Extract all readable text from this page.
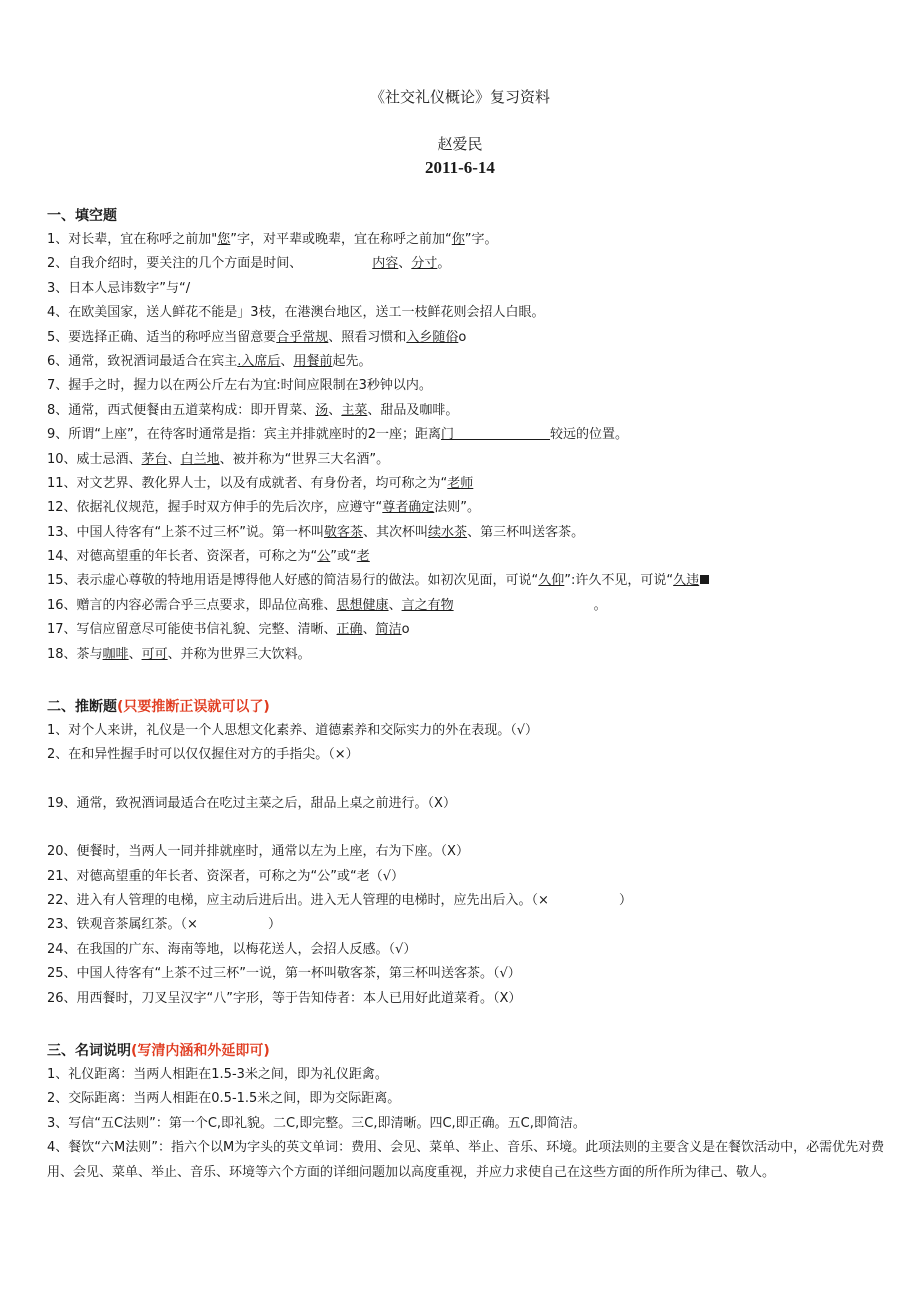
《社交礼仪概论》复习资料
赵爱民
2011-6-14
一、填空题
1、对长辈，宜在称呼之前加"您”字，对平辈或晚辈，宜在称呼之前加“你”字。
2、自我介绍时，要关注的几个方面是时间、	内容、分寸。
3、日本人忌讳数字”与“/
4、在欧美国家，送人鲜花不能是」3枝，在港澳台地区，送工一枝鲜花则会招人白眼。
5、要选择正确、适当的称呼应当留意要合乎常规、照看习惯和入乡随俗o
6、通常，致祝酒词最适合在宾主.入席后、用餐前起先。
7、握手之时，握力以在两公斤左右为宜:时间应限制在3秒钟以内。
8、通常，西式便餐由五道菜构成：即开胃菜、汤、主菜、甜品及咖啡。
9、所谓“上座”，在待客时通常是指：宾主并排就座时的2一座；距离门	较远的位置。
10、威士忌酒、茅台、白兰地、被并称为“世界三大名酒”。
11、对文艺界、教化界人士，以及有成就者、有身份者，均可称之为“老师
12、依据礼仪规范，握手时双方伸手的先后次序，应遵守“尊者确定法则”。
13、中国人待客有“上茶不过三杯”说。第一杯叫敬客茶、其次杯叫续水茶、第三杯叫送客茶。
14、对德高望重的年长者、资深者，可称之为“公”或“老
15、表示虚心尊敬的特地用语是博得他人好感的简洁易行的做法。如初次见面，可说“久仰”:许久不见，可说“久违
16、赠言的内容必需合乎三点要求，即品位高雅、思想健康、言之有物	。
17、写信应留意尽可能使书信礼貌、完整、清晰、正确、简洁o
18、茶与咖啡、可可、并称为世界三大饮料。
二、推断题(只要推断正误就可以了)
1、对个人来讲，礼仪是一个人思想文化素养、道德素养和交际实力的外在表现。（√）
2、在和异性握手时可以仅仅握住对方的手指尖。（×）
19、通常，致祝酒词最适合在吃过主菜之后，甜品上桌之前进行。（X）
20、便餐时，当两人一同并排就座时，通常以左为上座，右为下座。（X）
21、对德高望重的年长者、资深者，可称之为“公”或“老（√）
22、进入有人管理的电梯，应主动后进后出。进入无人管理的电梯时，应先出后入。（×	）
23、铁观音茶属红茶。（×	）
24、在我国的广东、海南等地，以梅花送人，会招人反感。（√）
25、中国人待客有“上茶不过三杯”一说，第一杯叫敬客茶，第三杯叫送客茶。（√）
26、用西餐时，刀叉呈汉字“八”字形，等于告知侍者：本人已用好此道菜肴。（X）
三、名词说明(写清内涵和外延即可)
1、礼仪距离：当两人相距在1.5-3米之间，即为礼仪距禽。
2、交际距离：当两人相距在0.5-1.5米之间，即为交际距离。
3、写信“五C法则”：第一个C,即礼貌。二C,即完整。三C,即清晰。四C,即正确。五C,即简洁。
4、餐饮“六M法则”：指六个以M为字头的英文单词：费用、会见、菜单、举止、音乐、环境。此项法则的主要含义是在餐饮活动中，必需优先对费用、会见、菜单、举止、音乐、环境等六个方面的详细问题加以高度重视，并应力求使自己在这些方面的所作所为律己、敬人。
